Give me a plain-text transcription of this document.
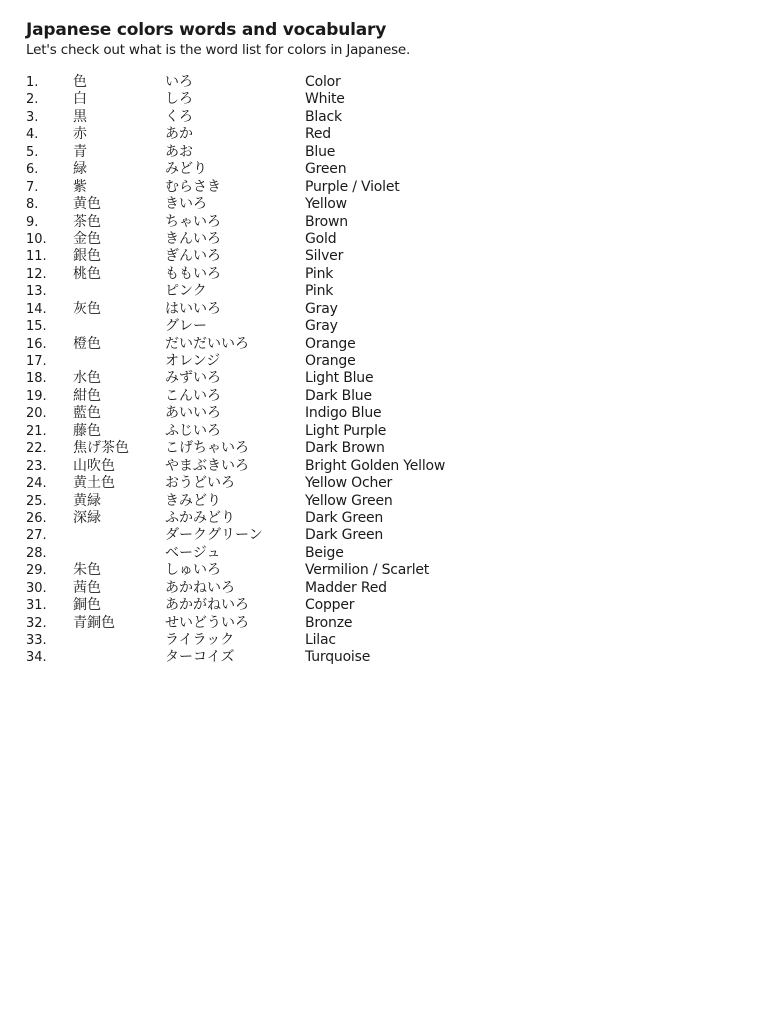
Japanese colors words and vocabulary

Let's check out what is the word list for colors in Japanese.

1. 色	いろ	Color
2. 白	しろ	White
3. 黒	くろ	Black
4. 赤	あか	Red
5. 青	あお	Blue
6. 緑	みどり	Green
7. 紫	むらさき	Purple / Violet
8. 黄色	きいろ	Yellow
9. 茶色	ちゃいろ	Brown
10. 金色	きんいろ	Gold
11. 銀色	ぎんいろ	Silver
12. 桃色	ももいろ	Pink
13.	ピンク	Pink
14. 灰色	はいいろ	Gray
15.	グレー	Gray
16. 橙色	だいだいいろ	Orange
17.	オレンジ	Orange
18. 水色	みずいろ	Light Blue
19. 紺色	こんいろ	Dark Blue
20. 藍色	あいいろ	Indigo Blue
21. 藤色	ふじいろ	Light Purple
22. 焦げ茶色	こげちゃいろ	Dark Brown
23. 山吹色	やまぶきいろ	Bright Golden Yellow
24. 黄土色	おうどいろ	Yellow Ocher
25. 黄緑	きみどり	Yellow Green
26. 深緑	ふかみどり	Dark Green
27.	ダークグリーン	Dark Green
28.	ベージュ	Beige
29. 朱色	しゅいろ	Vermilion / Scarlet
30. 茜色	あかねいろ	Madder Red
31. 銅色	あかがねいろ	Copper
32. 青銅色	せいどういろ	Bronze
33.	ライラック	Lilac
34.	ターコイズ	Turquoise
